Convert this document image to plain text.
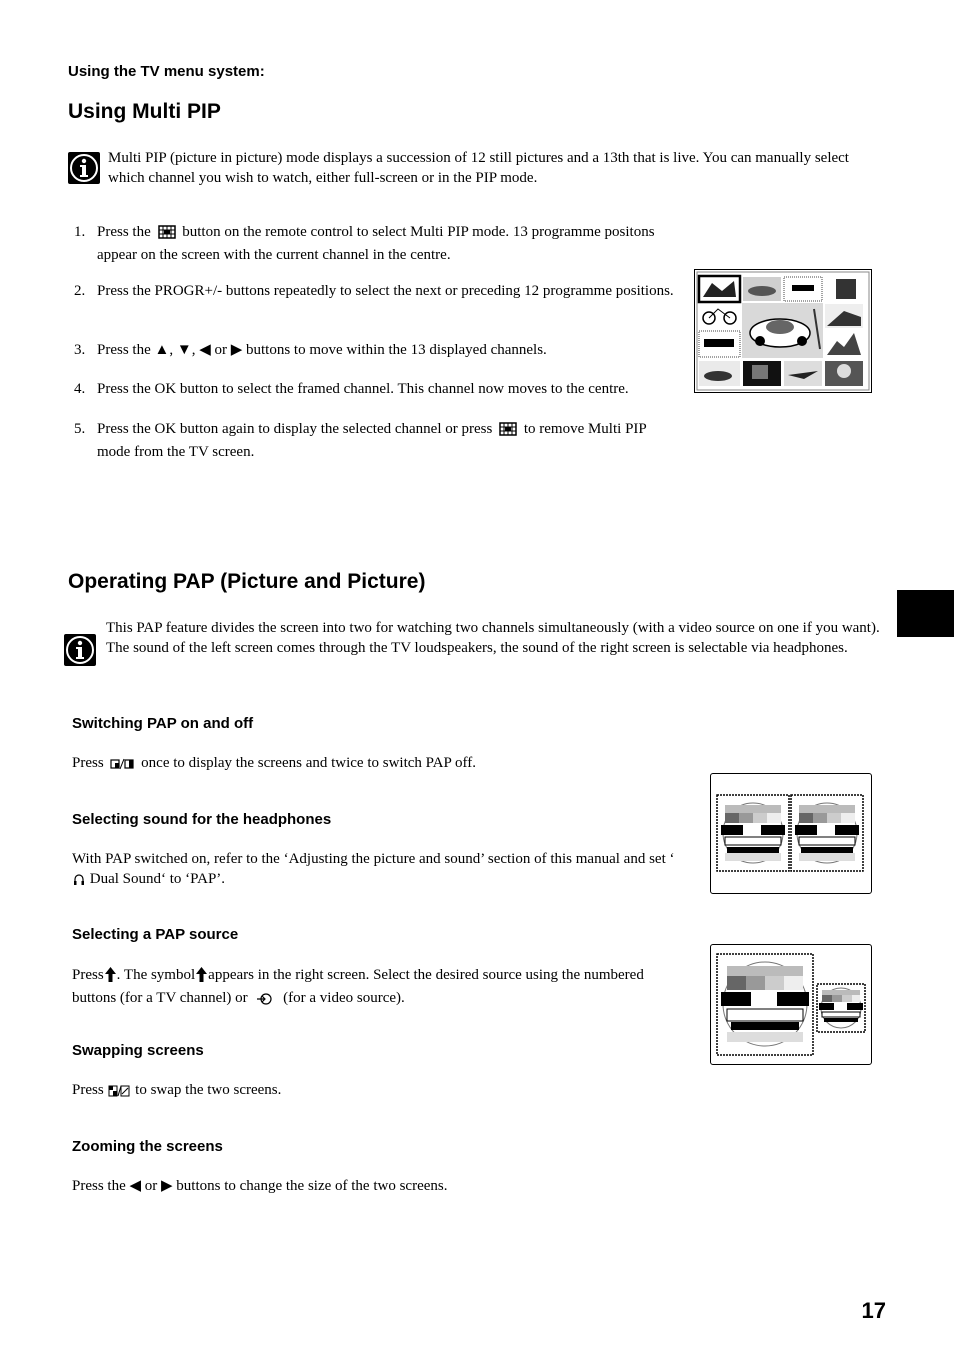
Using the TV menu system:
Using Multi PIP
Multi PIP (picture in picture) mode displays a succession of 12 still pictures and a 13th that is live. You can manually select which channel you wish to watch, either full-screen or in the PIP mode.
1. Press the button on the remote control to select Multi PIP mode. 13 programme positons appear on the screen with the current channel in the centre.
2. Press the PROGR+/- buttons repeatedly to select the next or preceding 12 programme positions.
3. Press the ▲, ▼, ◀ or ▶ buttons to move within the 13 displayed channels.
4. Press the OK button to select the framed channel. This channel now moves to the centre.
5. Press the OK button again to display the selected channel or press to remove Multi PIP mode from the TV screen.
Operating PAP (Picture and Picture)
This PAP feature divides the screen into two for watching two channels simultaneously (with a video source on one if you want). The sound of the left screen comes through the TV loudspeakers, the sound of the right screen is selectable via headphones.
Switching PAP on and off
Press	once to display the screens and twice to switch PAP off.
Selecting sound for the headphones
With PAP switched on, refer to the ‘Adjusting the picture and sound’ section of this manual and set ‘ Dual Sound‘ to ‘PAP’.
Selecting a PAP source
Press . The symbol appears in the right screen. Select the desired source using the numbered buttons (for a TV channel) or (for a video source).
Swapping screens
Press to swap the two screens.
Zooming the screens
Press the ◀ or ▶ buttons to change the size of the two screens.
17
